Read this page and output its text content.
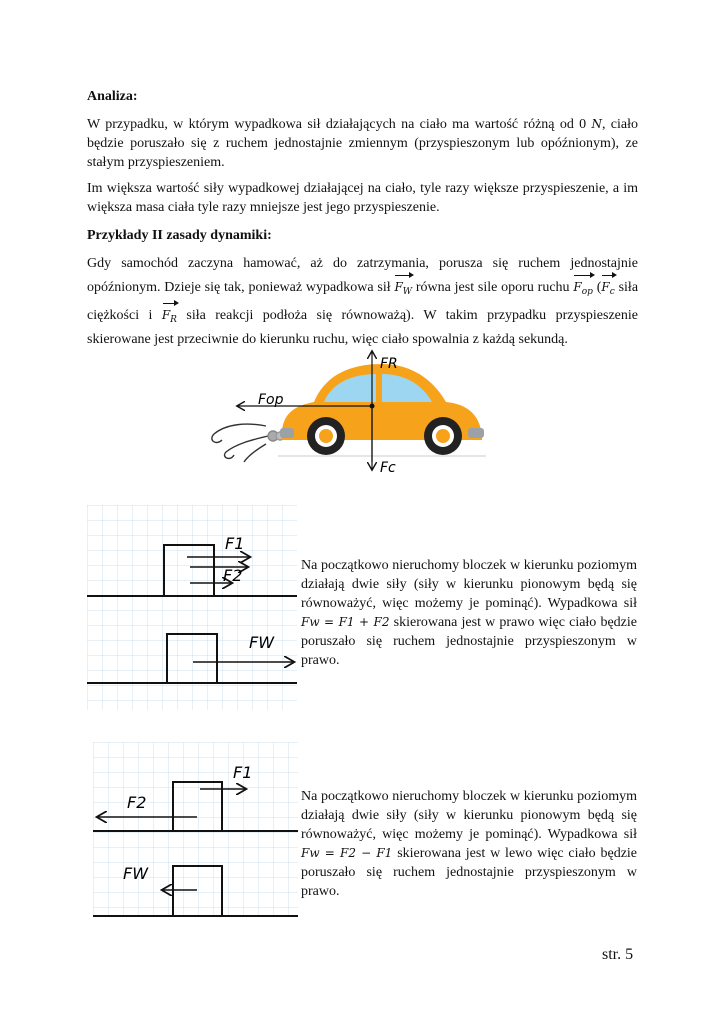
Analiza:

W przypadku, w którym wypadkowa sił działających na ciało ma wartość różną od 0 N, ciało będzie poruszało się z ruchem jednostajnie zmiennym (przyspieszonym lub opóźnionym), ze stałym przyspieszeniem.

Im większa wartość siły wypadkowej działającej na ciało, tyle razy większe przyspieszenie, a im większa masa ciała tyle razy mniejsze jest jego przyspieszenie.

Przykłady II zasady dynamiki:

Gdy samochód zaczyna hamować, aż do zatrzymania, porusza się ruchem jednostajnie opóźnionym. Dzieje się tak, ponieważ wypadkowa sił $F_W$ równa jest sile oporu ruchu $F_{op}$ ($F_c$ siła ciężkości i $F_R$ siła reakcji podłoża się równoważą). W takim przypadku przyspieszenie skierowane jest przeciwnie do kierunku ruchu, więc ciało spowalnia z każdą sekundą.

FR
Fop
Fc
F1
F2
FW

Na początkowo nieruchomy bloczek w kierunku poziomym działają dwie siły (siły w kierunku pionowym będą się równoważyć, więc możemy je pominąć). Wypadkowa sił Fw = F1 + F2 skierowana jest w prawo więc ciało będzie poruszało się ruchem jednostajnie przyspieszonym w prawo.

F1
F2
FW

Na początkowo nieruchomy bloczek w kierunku poziomym działają dwie siły (siły w kierunku pionowym będą się równoważyć, więc możemy je pominąć). Wypadkowa sił Fw = F2 − F1 skierowana jest w lewo więc ciało będzie poruszało się ruchem jednostajnie przyspieszonym w prawo.

str. 5
